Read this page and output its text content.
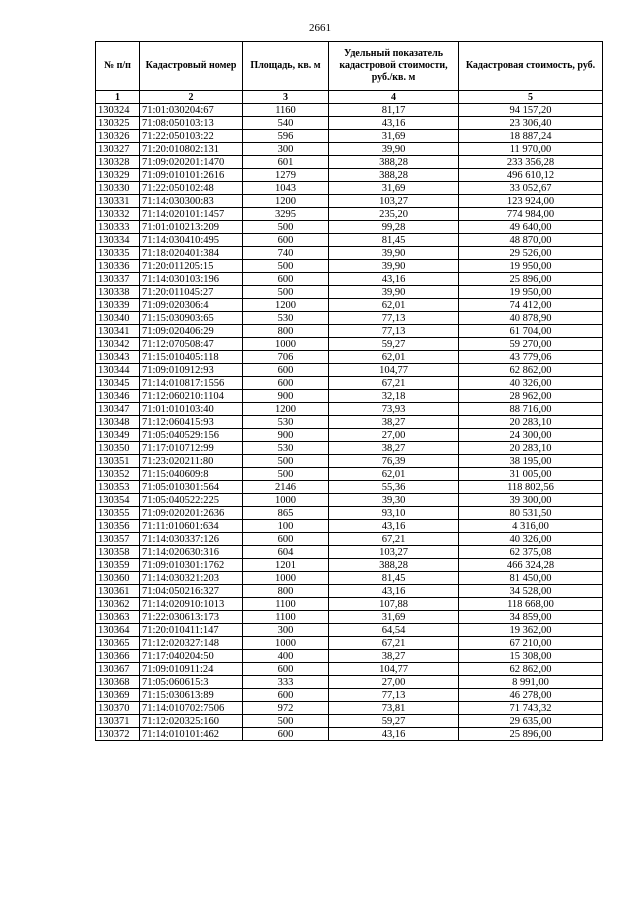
2661
№ п/п	Кадастровый номер	Площадь, кв. м	Удельный показатель кадастровой стоимости, руб./кв. м	Кадастровая стоимость, руб.
1	2	3	4	5
130324	71:01:030204:67	1160	81,17	94 157,20
130325	71:08:050103:13	540	43,16	23 306,40
130326	71:22:050103:22	596	31,69	18 887,24
130327	71:20:010802:131	300	39,90	11 970,00
130328	71:09:020201:1470	601	388,28	233 356,28
130329	71:09:010101:2616	1279	388,28	496 610,12
130330	71:22:050102:48	1043	31,69	33 052,67
130331	71:14:030300:83	1200	103,27	123 924,00
130332	71:14:020101:1457	3295	235,20	774 984,00
130333	71:01:010213:209	500	99,28	49 640,00
130334	71:14:030410:495	600	81,45	48 870,00
130335	71:18:020401:384	740	39,90	29 526,00
130336	71:20:011205:15	500	39,90	19 950,00
130337	71:14:030103:196	600	43,16	25 896,00
130338	71:20:011045:27	500	39,90	19 950,00
130339	71:09:020306:4	1200	62,01	74 412,00
130340	71:15:030903:65	530	77,13	40 878,90
130341	71:09:020406:29	800	77,13	61 704,00
130342	71:12:070508:47	1000	59,27	59 270,00
130343	71:15:010405:118	706	62,01	43 779,06
130344	71:09:010912:93	600	104,77	62 862,00
130345	71:14:010817:1556	600	67,21	40 326,00
130346	71:12:060210:1104	900	32,18	28 962,00
130347	71:01:010103:40	1200	73,93	88 716,00
130348	71:12:060415:93	530	38,27	20 283,10
130349	71:05:040529:156	900	27,00	24 300,00
130350	71:17:010712:99	530	38,27	20 283,10
130351	71:23:020211:80	500	76,39	38 195,00
130352	71:15:040609:8	500	62,01	31 005,00
130353	71:05:010301:564	2146	55,36	118 802,56
130354	71:05:040522:225	1000	39,30	39 300,00
130355	71:09:020201:2636	865	93,10	80 531,50
130356	71:11:010601:634	100	43,16	4 316,00
130357	71:14:030337:126	600	67,21	40 326,00
130358	71:14:020630:316	604	103,27	62 375,08
130359	71:09:010301:1762	1201	388,28	466 324,28
130360	71:14:030321:203	1000	81,45	81 450,00
130361	71:04:050216:327	800	43,16	34 528,00
130362	71:14:020910:1013	1100	107,88	118 668,00
130363	71:22:030613:173	1100	31,69	34 859,00
130364	71:20:010411:147	300	64,54	19 362,00
130365	71:12:020327:148	1000	67,21	67 210,00
130366	71:17:040204:50	400	38,27	15 308,00
130367	71:09:010911:24	600	104,77	62 862,00
130368	71:05:060615:3	333	27,00	8 991,00
130369	71:15:030613:89	600	77,13	46 278,00
130370	71:14:010702:7506	972	73,81	71 743,32
130371	71:12:020325:160	500	59,27	29 635,00
130372	71:14:010101:462	600	43,16	25 896,00
